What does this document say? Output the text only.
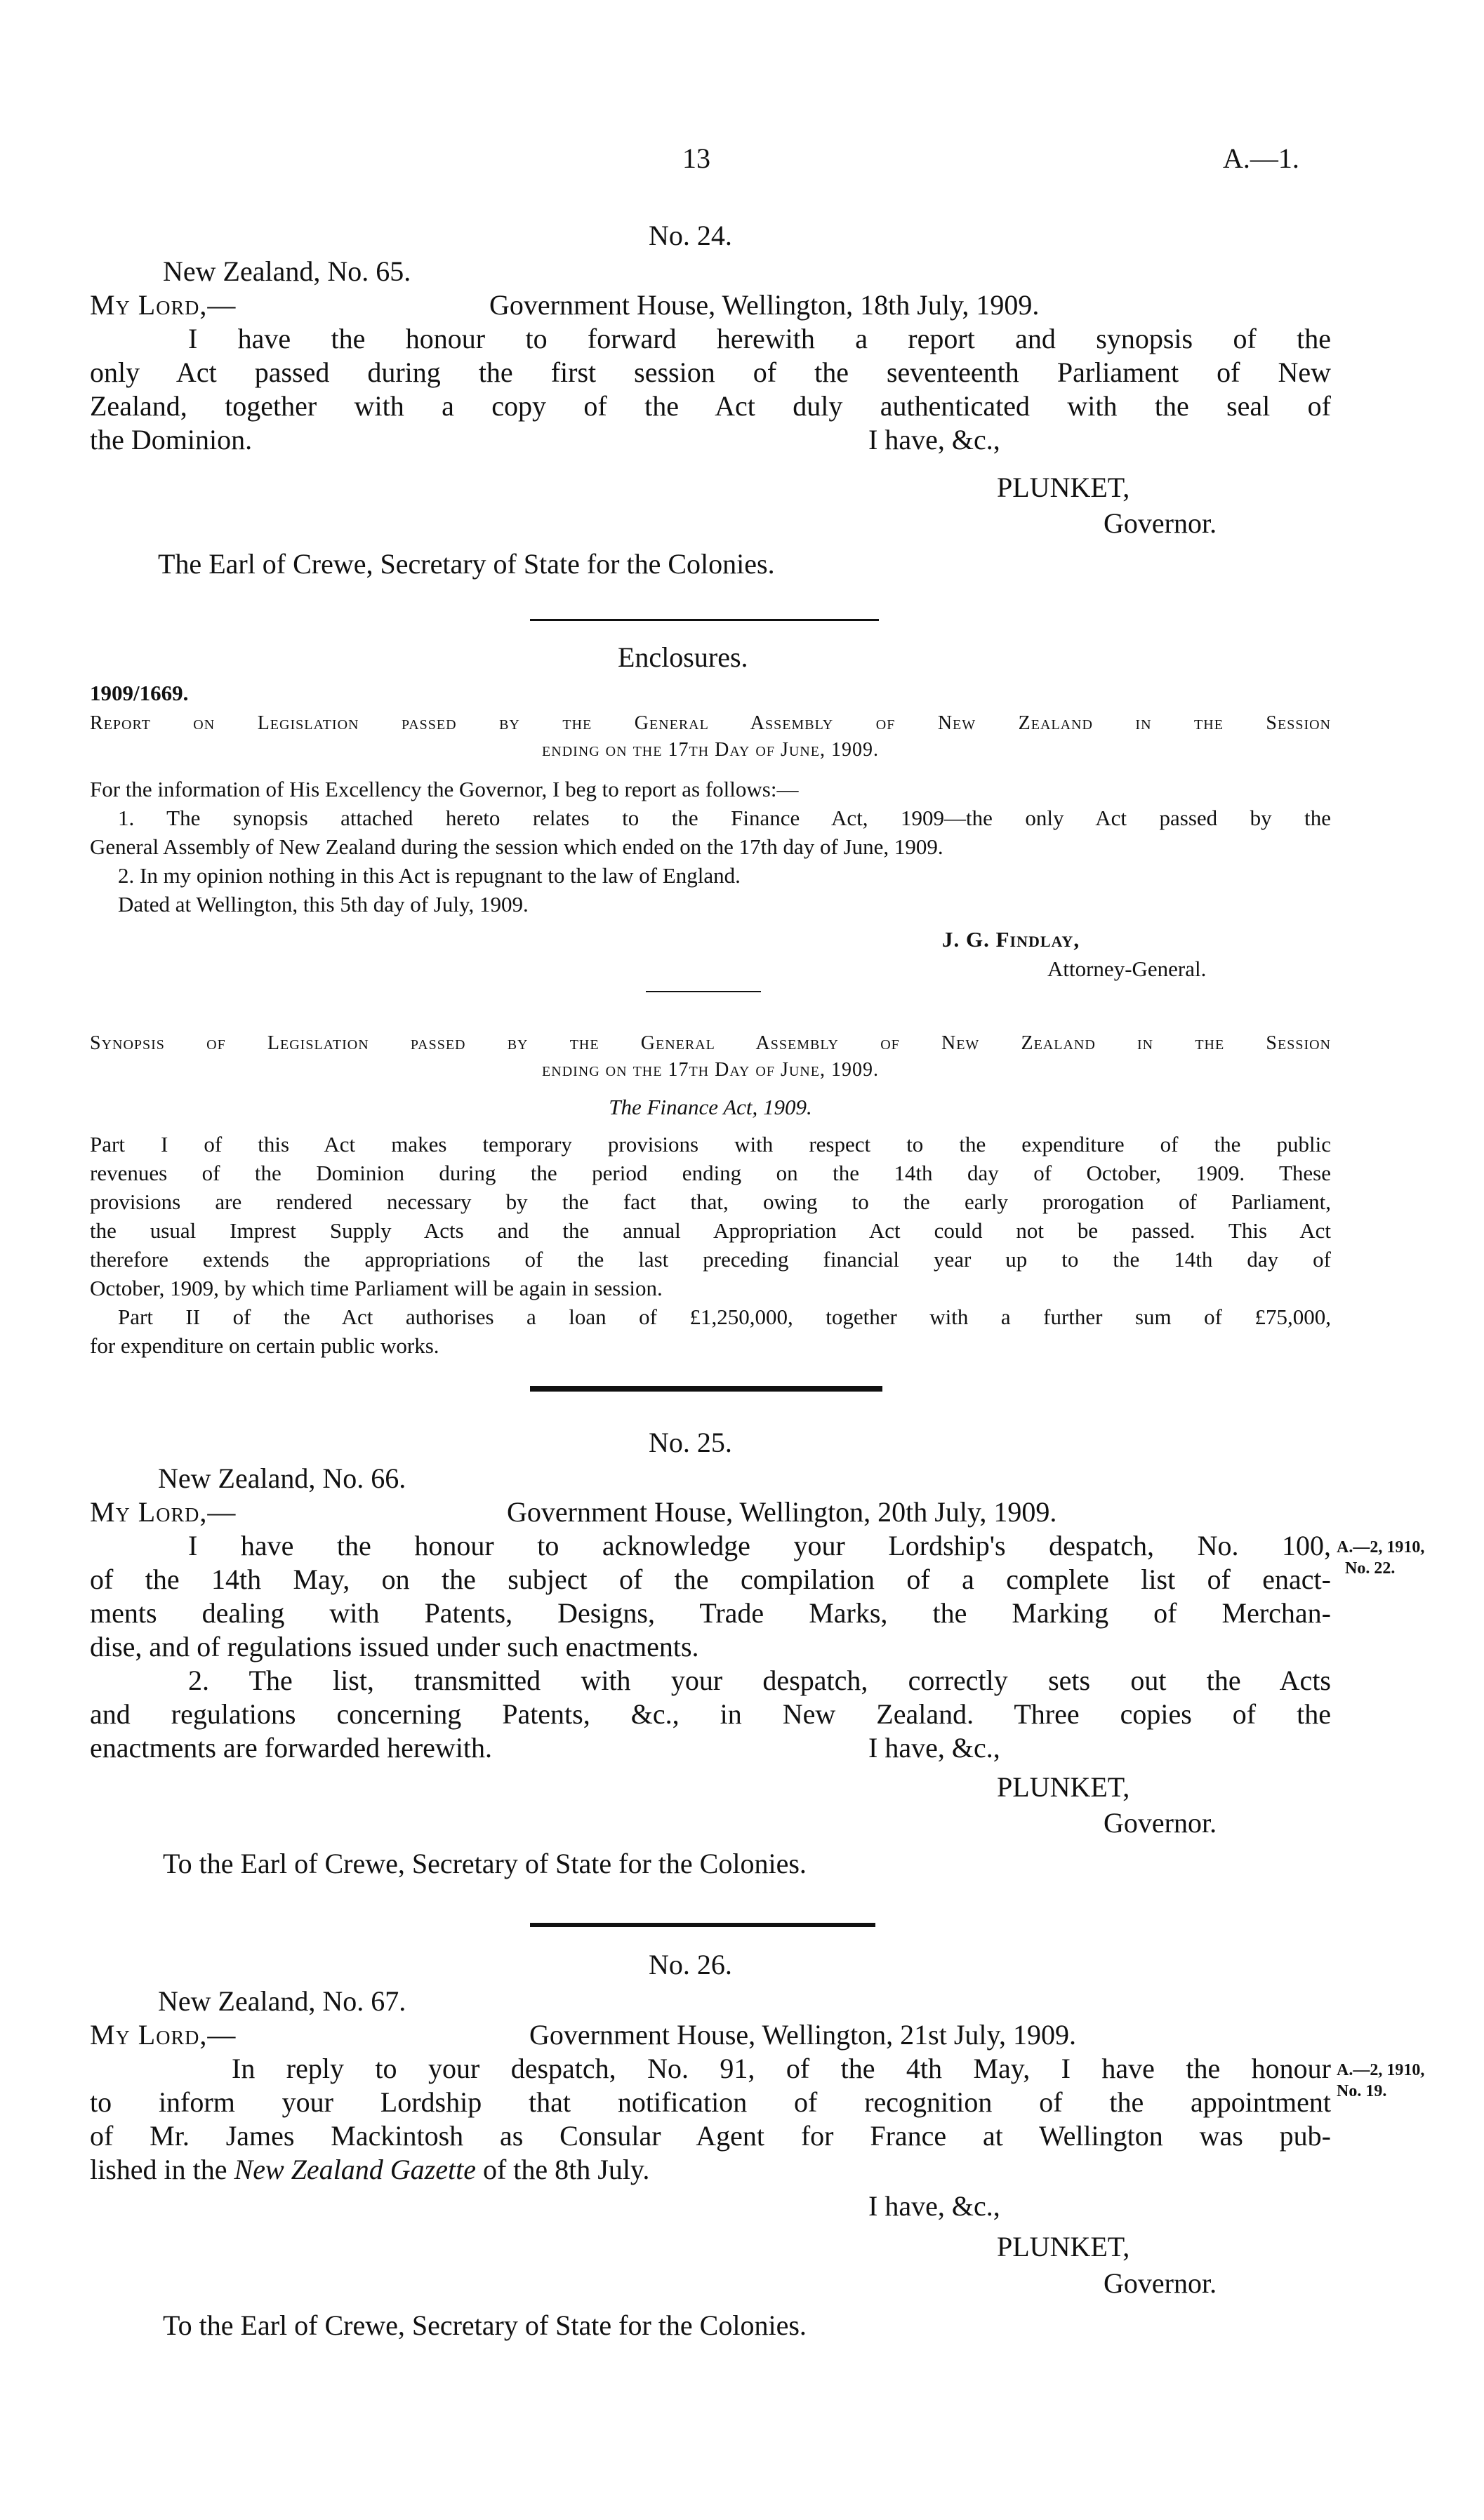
13	A.—1.
No. 24.
New Zealand, No. 65.
My Lord,—	Government House, Wellington, 18th July, 1909.
I have the honour to forward herewith a report and synopsis of the
only Act passed during the first session of the seventeenth Parliament of New
Zealand, together with a copy of the Act duly authenticated with the seal of
the Dominion.	I have, &c.,
PLUNKET,
Governor.
The Earl of Crewe, Secretary of State for the Colonies.
Enclosures.
1909/1669.
Report on Legislation passed by the General Assembly of New Zealand in the Session
ending on the 17th Day of June, 1909.
For the information of His Excellency the Governor, I beg to report as follows:—
1. The synopsis attached hereto relates to the Finance Act, 1909—the only Act passed by the
General Assembly of New Zealand during the session which ended on the 17th day of June, 1909.
2. In my opinion nothing in this Act is repugnant to the law of England.
Dated at Wellington, this 5th day of July, 1909.
J. G. Findlay,
Attorney-General.
Synopsis of Legislation passed by the General Assembly of New Zealand in the Session
ending on the 17th Day of June, 1909.
The Finance Act, 1909.
Part I of this Act makes temporary provisions with respect to the expenditure of the public
revenues of the Dominion during the period ending on the 14th day of October, 1909. These
provisions are rendered necessary by the fact that, owing to the early prorogation of Parliament,
the usual Imprest Supply Acts and the annual Appropriation Act could not be passed. This Act
therefore extends the appropriations of the last preceding financial year up to the 14th day of
October, 1909, by which time Parliament will be again in session.
Part II of the Act authorises a loan of £1,250,000, together with a further sum of £75,000,
for expenditure on certain public works.
No. 25.
New Zealand, No. 66.
My Lord,—	Government House, Wellington, 20th July, 1909.
I have the honour to acknowledge your Lordship's despatch, No. 100,
of the 14th May, on the subject of the compilation of a complete list of enact-
ments dealing with Patents, Designs, Trade Marks, the Marking of Merchan-
dise, and of regulations issued under such enactments.
2. The list, transmitted with your despatch, correctly sets out the Acts
and regulations concerning Patents, &c., in New Zealand. Three copies of the
enactments are forwarded herewith.	I have, &c.,
PLUNKET,
Governor.
To the Earl of Crewe, Secretary of State for the Colonies.
A.—2, 1910,
No. 22.
No. 26.
New Zealand, No. 67.
My Lord,—	Government House, Wellington, 21st July, 1909.
In reply to your despatch, No. 91, of the 4th May, I have the honour
to inform your Lordship that notification of recognition of the appointment
of Mr. James Mackintosh as Consular Agent for France at Wellington was pub-
lished in the New Zealand Gazette of the 8th July.
I have, &c.,
PLUNKET,
Governor.
To the Earl of Crewe, Secretary of State for the Colonies.
A.—2, 1910,
No. 19.
